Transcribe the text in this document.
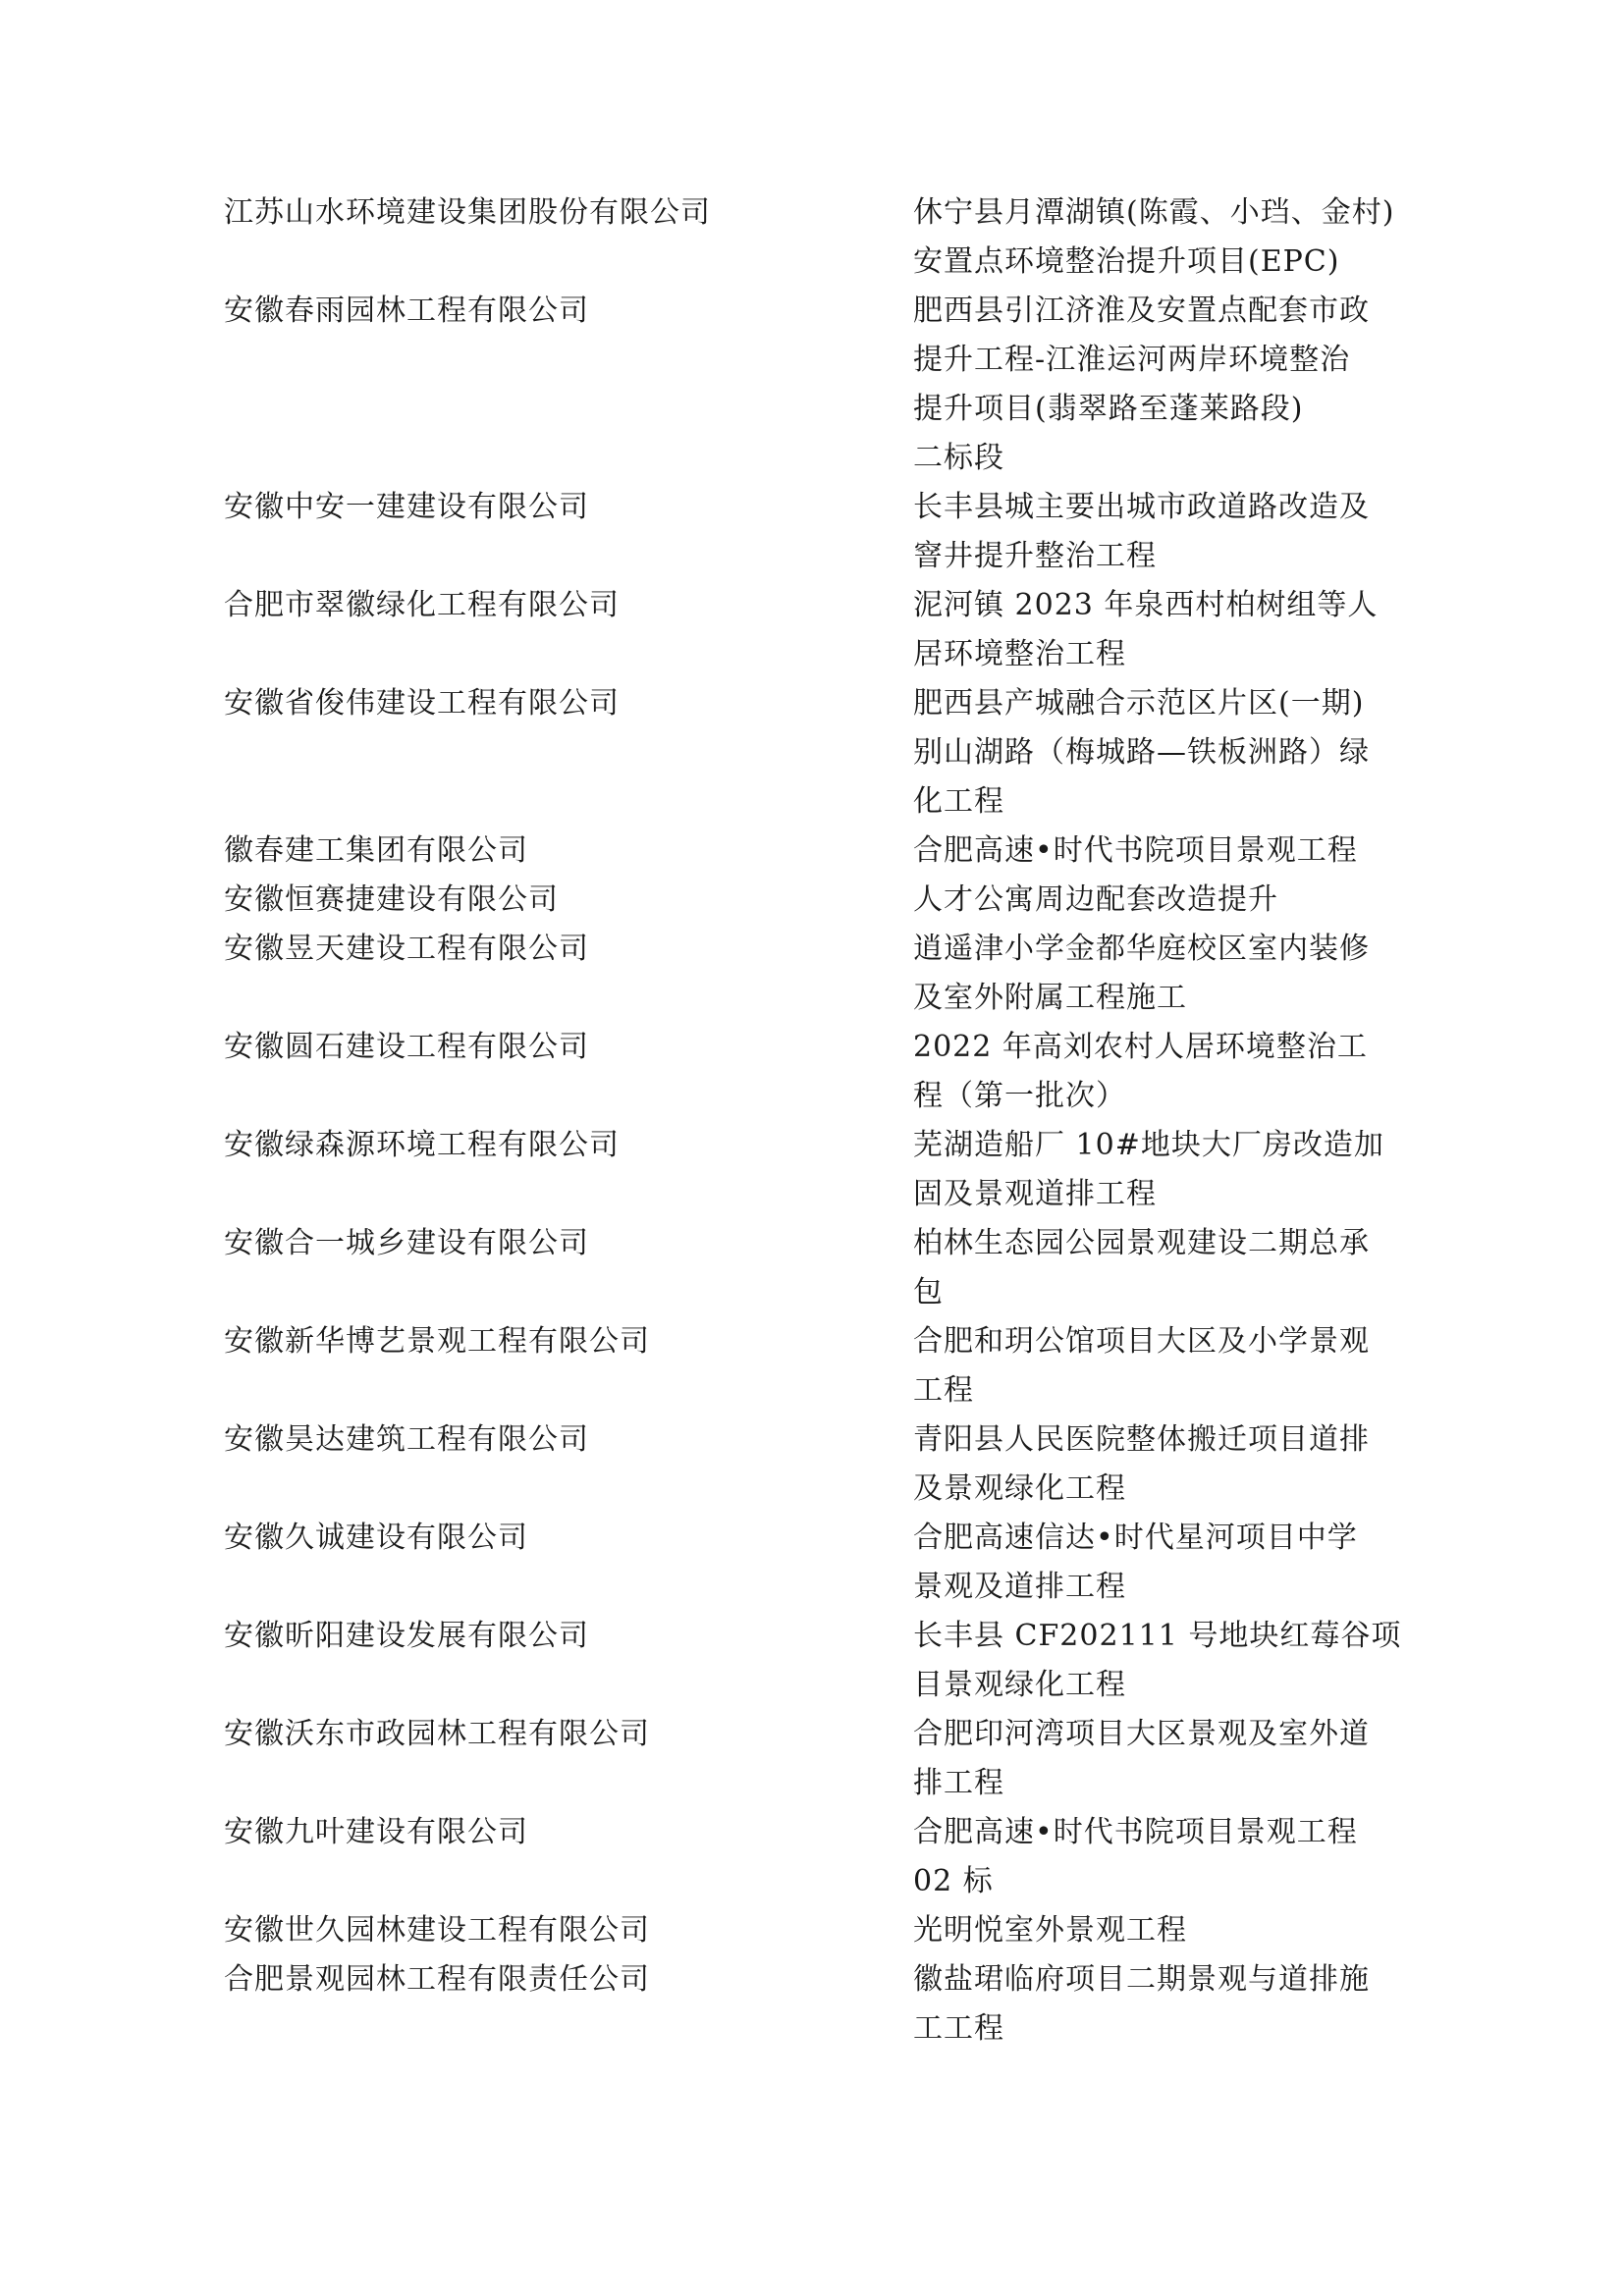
江苏山水环境建设集团股份有限公司	休宁县月潭湖镇(陈霞、小珰、金村)
安置点环境整治提升项目(EPC)
安徽春雨园林工程有限公司	肥西县引江济淮及安置点配套市政
提升工程-江淮运河两岸环境整治
提升项目(翡翠路至蓬莱路段)
二标段
安徽中安一建建设有限公司	长丰县城主要出城市政道路改造及
窨井提升整治工程
合肥市翠徽绿化工程有限公司	泥河镇 2023 年泉西村柏树组等人
居环境整治工程
安徽省俊伟建设工程有限公司	肥西县产城融合示范区片区(一期)
别山湖路（梅城路—铁板洲路）绿
化工程
徽春建工集团有限公司	合肥高速•时代书院项目景观工程
安徽恒赛捷建设有限公司	人才公寓周边配套改造提升
安徽昱天建设工程有限公司	逍遥津小学金都华庭校区室内装修
及室外附属工程施工
安徽圆石建设工程有限公司	2022 年高刘农村人居环境整治工
程（第一批次）
安徽绿森源环境工程有限公司	芜湖造船厂 10#地块大厂房改造加
固及景观道排工程
安徽合一城乡建设有限公司	柏林生态园公园景观建设二期总承
包
安徽新华博艺景观工程有限公司	合肥和玥公馆项目大区及小学景观
工程
安徽昊达建筑工程有限公司	青阳县人民医院整体搬迁项目道排
及景观绿化工程
安徽久诚建设有限公司	合肥高速信达•时代星河项目中学
景观及道排工程
安徽昕阳建设发展有限公司	长丰县 CF202111 号地块红莓谷项
目景观绿化工程
安徽沃东市政园林工程有限公司	合肥印河湾项目大区景观及室外道
排工程
安徽九叶建设有限公司	合肥高速•时代书院项目景观工程
02 标
安徽世久园林建设工程有限公司	光明悦室外景观工程
合肥景观园林工程有限责任公司	徽盐珺临府项目二期景观与道排施
工工程
